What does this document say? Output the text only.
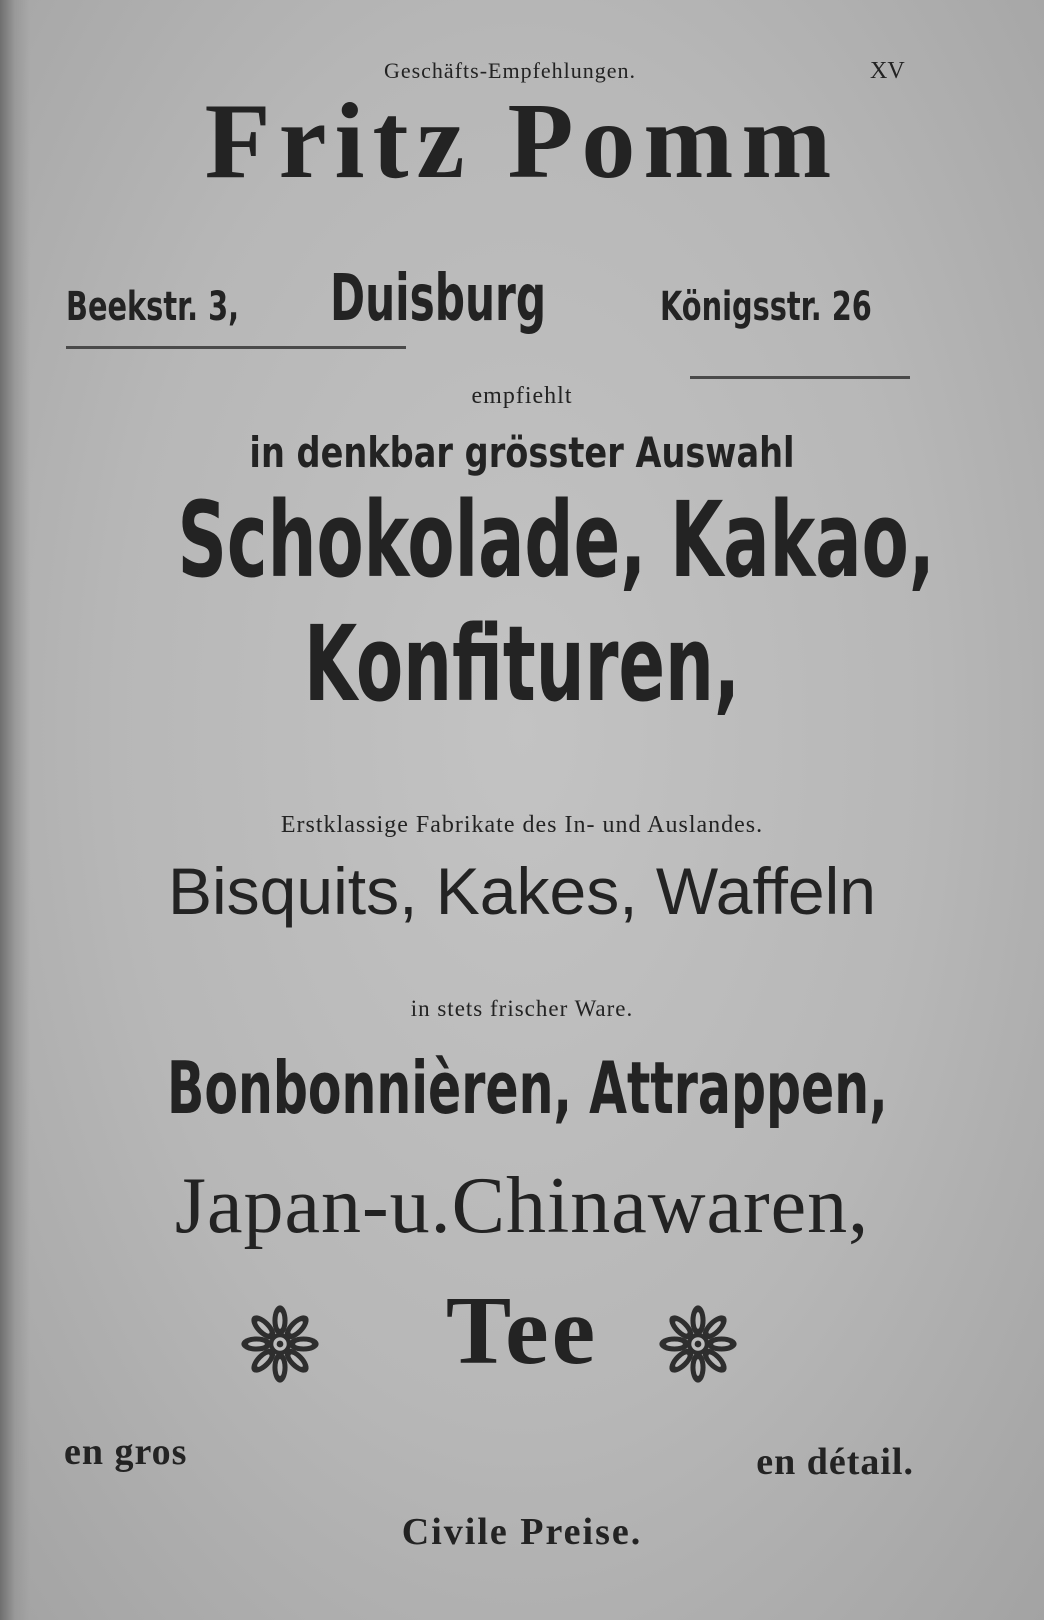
Geschäfts-Empfehlungen.	XV
Fritz Pomm
Beekstr. 3, Duisburg	Königsstr. 26
empfiehlt
in denkbar grösster Auswahl
Schokolade, Kakao,
Konfituren,
Erstklassige Fabrikate des In- und Auslandes.
Bisquits, Kakes, Waffeln
in stets frischer Ware.
Bonbonnièren, Attrappen,
Japan-u.Chinawaren,
Tee
en gros	en détail.
Civile Preise.
